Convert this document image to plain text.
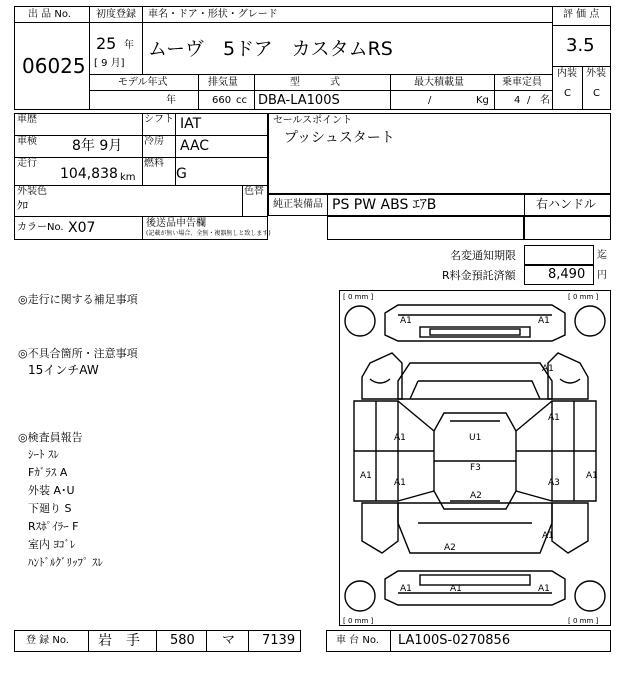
出 品 No.
06025
初度登録
25 年
[ 9 月]
車名・ドア・形状・グレード
ムーヴ　5ドア　カスタムRS
評 価 点
3.5
内装 外装
C C
モデル年式
年
排気量
660 cc
型　　　式
DBA-LA100S
最大積載量
/	Kg
乗車定員
4 / 名
車歴	シフト IAT
車検	8年 9月 冷房 AAC
走行
104,838 km
燃料
G
外装色
ｸﾛ
色替
カラーNo. X07	後送品申告欄
(記載が無い場合、全無・複器無しと致します)
セールスポイント
プッシュスタート
純正装備品 PS PW ABS ｴｱB	右ハンドル
名変通知期限	迄
R料金預託済額 8,490 円
◎走行に関する補足事項
◎不具合箇所・注意事項
15インチAW
◎検査員報告
ｼｰﾄ ｽﾚ
Fｶﾞﾗｽ A
外装 A･U
下廻り S
Rｽﾎﾟｲﾗｰ F
室内 ﾖｺﾞﾚ
ﾊﾝﾄﾞﾙｸﾞﾘｯﾌﾟ ｽﾚ
[ 0 mm ]	[ 0 mm ]
[ 0 mm ]	[ 0 mm ]
A1	A1
A1
A1	U1
A1
F3
A1
A1	A3
A2
A1
A2
A1
A1	A1	A1
登 録 No. 岩　手 580 マ 7139	車 台 No. LA100S-0270856
